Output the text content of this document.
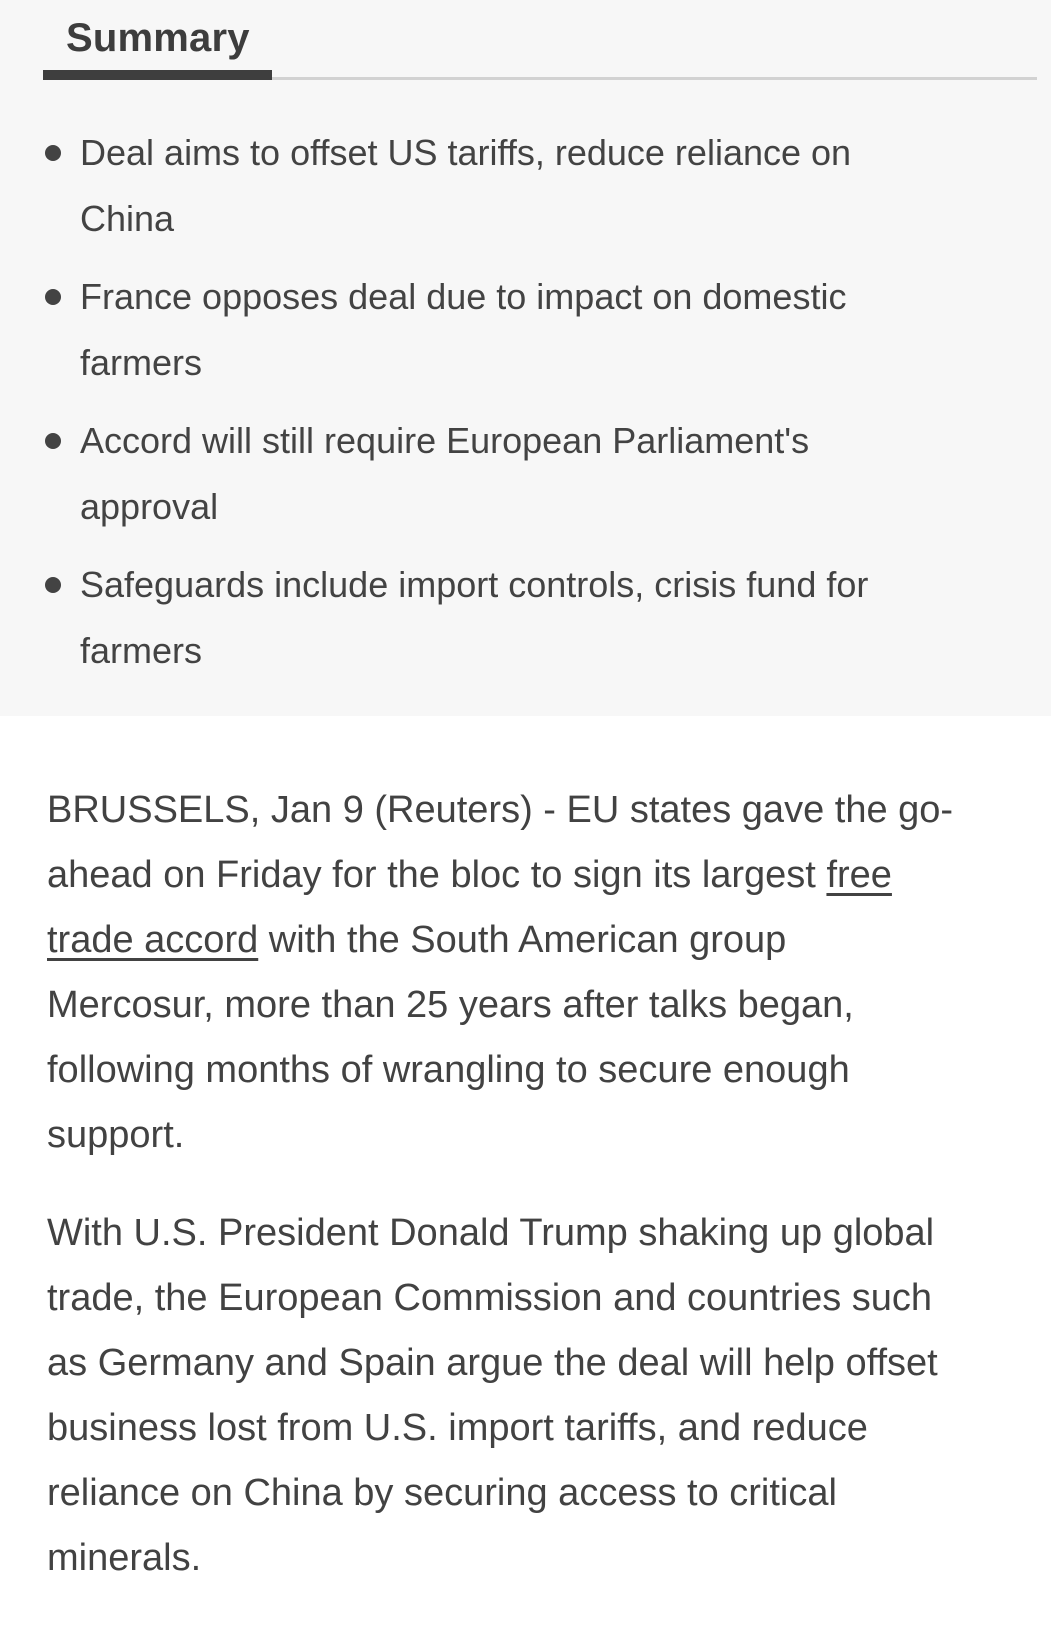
Summary
Deal aims to offset US tariffs, reduce reliance on China
France opposes deal due to impact on domestic farmers
Accord will still require European Parliament's approval
Safeguards include import controls, crisis fund for farmers

BRUSSELS, Jan 9 (Reuters) - EU states gave the go-ahead on Friday for the bloc to sign its largest free trade accord with the South American group Mercosur, more than 25 years after talks began, following months of wrangling to secure enough support.

With U.S. President Donald Trump shaking up global trade, the European Commission and countries such as Germany and Spain argue the deal will help offset business lost from U.S. import tariffs, and reduce reliance on China by securing access to critical minerals.
